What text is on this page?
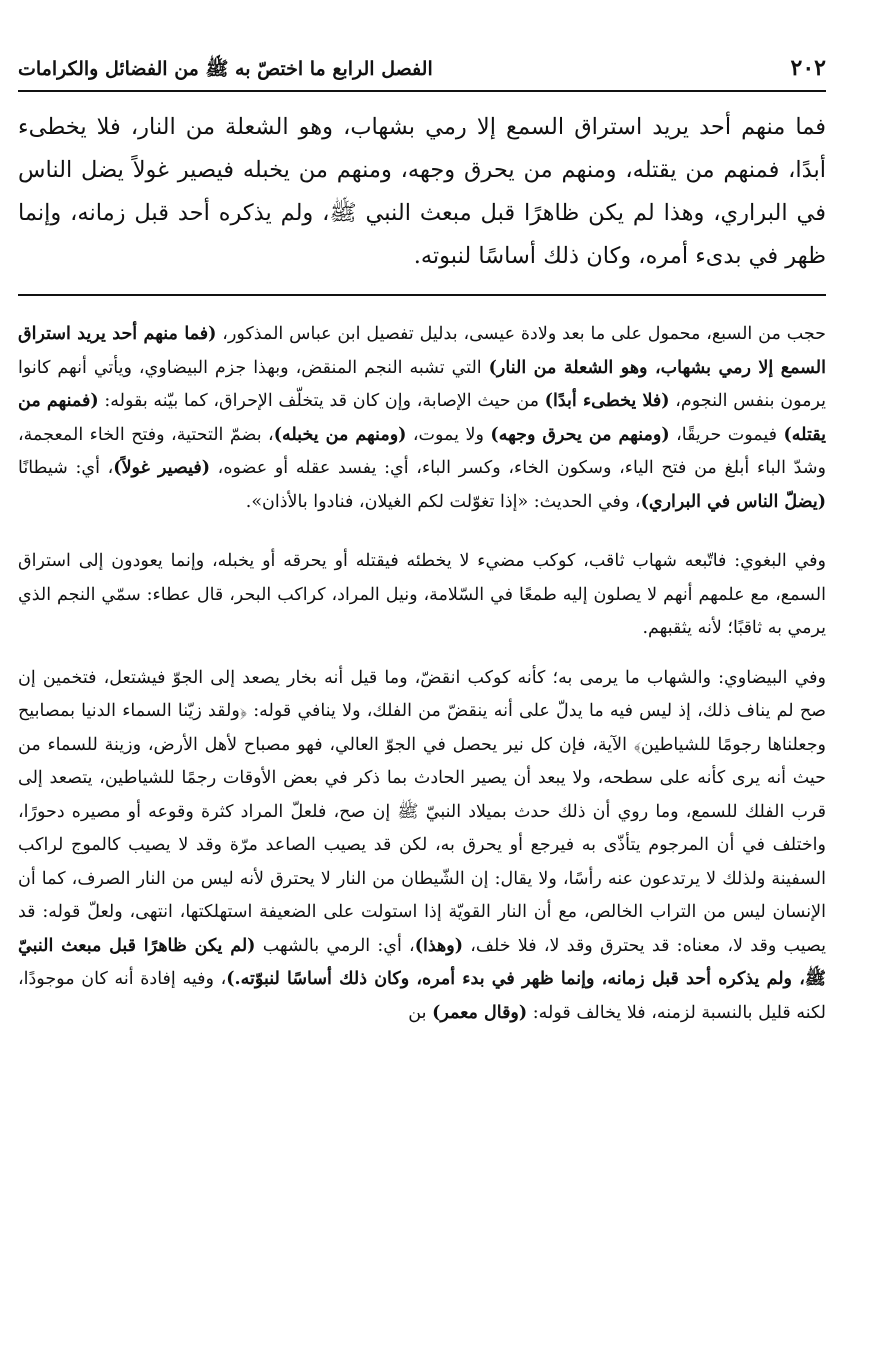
٢٠٢
الفصل الرابع ما اختصّ به ﷺ من الفضائل والكرامات
فما منهم أحد يريد استراق السمع إلا رمي بشهاب، وهو الشعلة من النار، فلا يخطىء أبدًا، فمنهم من يقتله، ومنهم من يحرق وجهه، ومنهم من يخبله فيصير غولاً يضل الناس في البراري، وهذا لم يكن ظاهرًا قبل مبعث النبي ﷺ، ولم يذكره أحد قبل زمانه، وإنما ظهر في بدىء أمره، وكان ذلك أساسًا لنبوته.

حجب من السبع، محمول على ما بعد ولادة عيسى، بدليل تفصيل ابن عباس المذكور، (فما منهم أحد يريد استراق السمع إلا رمي بشهاب، وهو الشعلة من النار) التي تشبه النجم المنقض، وبهذا جزم البيضاوي، ويأتي أنهم كانوا يرمون بنفس النجوم، (فلا يخطىء أبدًا) من حيث الإصابة، وإن كان قد يتخلّف الإحراق، كما بيّنه بقوله: (فمنهم من يقتله) فيموت حريقًا، (ومنهم من يحرق وجهه) ولا يموت، (ومنهم من يخبله)، بضمّ التحتية، وفتح الخاء المعجمة، وشدّ الباء أبلغ من فتح الياء، وسكون الخاء، وكسر الباء، أي: يفسد عقله أو عضوه، (فيصير غولاً)، أي: شيطانًا (يضلّ الناس في البراري)، وفي الحديث: «إذا تغوّلت لكم الغيلان، فنادوا بالأذان».

وفي البغوي: فاتّبعه شهاب ثاقب، كوكب مضيء لا يخطئه فيقتله أو يحرقه أو يخبله، وإنما يعودون إلى استراق السمع، مع علمهم أنهم لا يصلون إليه طمعًا في السّلامة، ونيل المراد، كراكب البحر، قال عطاء: سمّي النجم الذي يرمي به ثاقبًا؛ لأنه يثقبهم.

وفي البيضاوي: والشهاب ما يرمى به؛ كأنه كوكب انقضّ، وما قيل أنه بخار يصعد إلى الجوّ فيشتعل، فتخمين إن صح لم يناف ذلك، إذ ليس فيه ما يدلّ على أنه ينقضّ من الفلك، ولا ينافي قوله: ﴿ولقد زيّنا السماء الدنيا بمصابيح وجعلناها رجومًا للشياطين﴾ الآية، فإن كل نير يحصل في الجوّ العالي، فهو مصباح لأهل الأرض، وزينة للسماء من حيث أنه يرى كأنه على سطحه، ولا يبعد أن يصير الحادث بما ذكر في بعض الأوقات رجمًا للشياطين، يتصعد إلى قرب الفلك للسمع، وما روي أن ذلك حدث بميلاد النبيّ ﷺ إن صح، فلعلّ المراد كثرة وقوعه أو مصيره دحورًا، واختلف في أن المرجوم يتأذّى به فيرجع أو يحرق به، لكن قد يصيب الصاعد مرّة وقد لا يصيب كالموج لراكب السفينة ولذلك لا يرتدعون عنه رأسًا، ولا يقال: إن الشّيطان من النار لا يحترق لأنه ليس من النار الصرف، كما أن الإنسان ليس من التراب الخالص، مع أن النار القويّة إذا استولت على الضعيفة استهلكتها، انتهى، ولعلّ قوله: قد يصيب وقد لا، معناه: قد يحترق وقد لا، فلا خلف، (وهذا)، أي: الرمي بالشهب (لم يكن ظاهرًا قبل مبعث النبيّ ﷺ، ولم يذكره أحد قبل زمانه، وإنما ظهر في بدء أمره، وكان ذلك أساسًا لنبوّته.)، وفيه إفادة أنه كان موجودًا، لكنه قليل بالنسبة لزمنه، فلا يخالف قوله: (وقال معمر) بن
